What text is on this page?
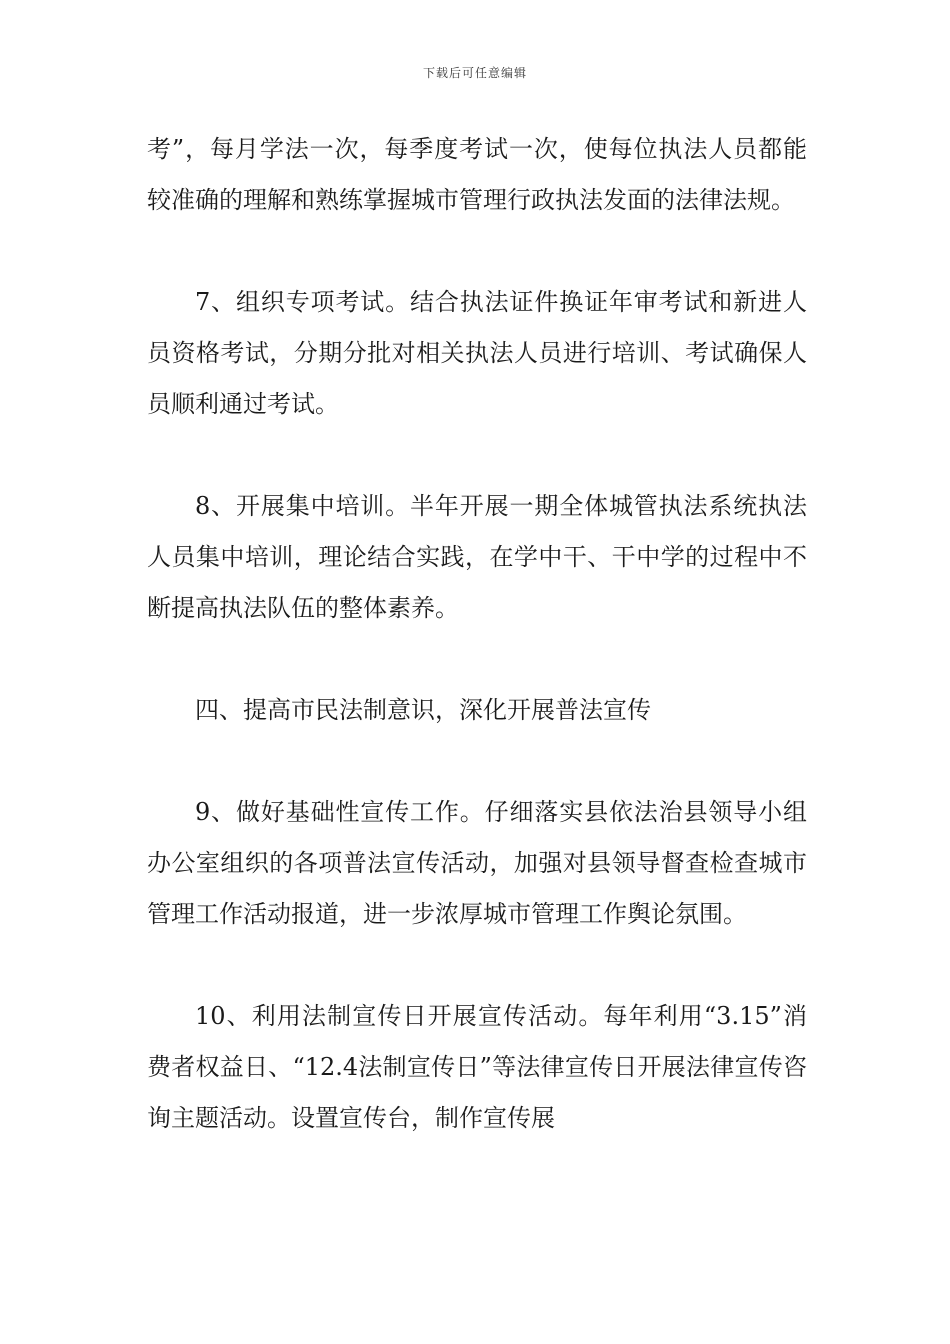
下载后可任意编辑

考”，每月学法一次，每季度考试一次，使每位执法人员都能较准确的理解和熟练掌握城市管理行政执法发面的法律法规。

7、组织专项考试。结合执法证件换证年审考试和新进人员资格考试，分期分批对相关执法人员进行培训、考试确保人员顺利通过考试。

8、开展集中培训。半年开展一期全体城管执法系统执法人员集中培训，理论结合实践，在学中干、干中学的过程中不断提高执法队伍的整体素养。

四、提高市民法制意识，深化开展普法宣传

9、做好基础性宣传工作。仔细落实县依法治县领导小组办公室组织的各项普法宣传活动，加强对县领导督查检查城市管理工作活动报道，进一步浓厚城市管理工作舆论氛围。

10、利用法制宣传日开展宣传活动。每年利用“3.15”消费者权益日、“12.4法制宣传日”等法律宣传日开展法律宣传咨询主题活动。设置宣传台，制作宣传展
